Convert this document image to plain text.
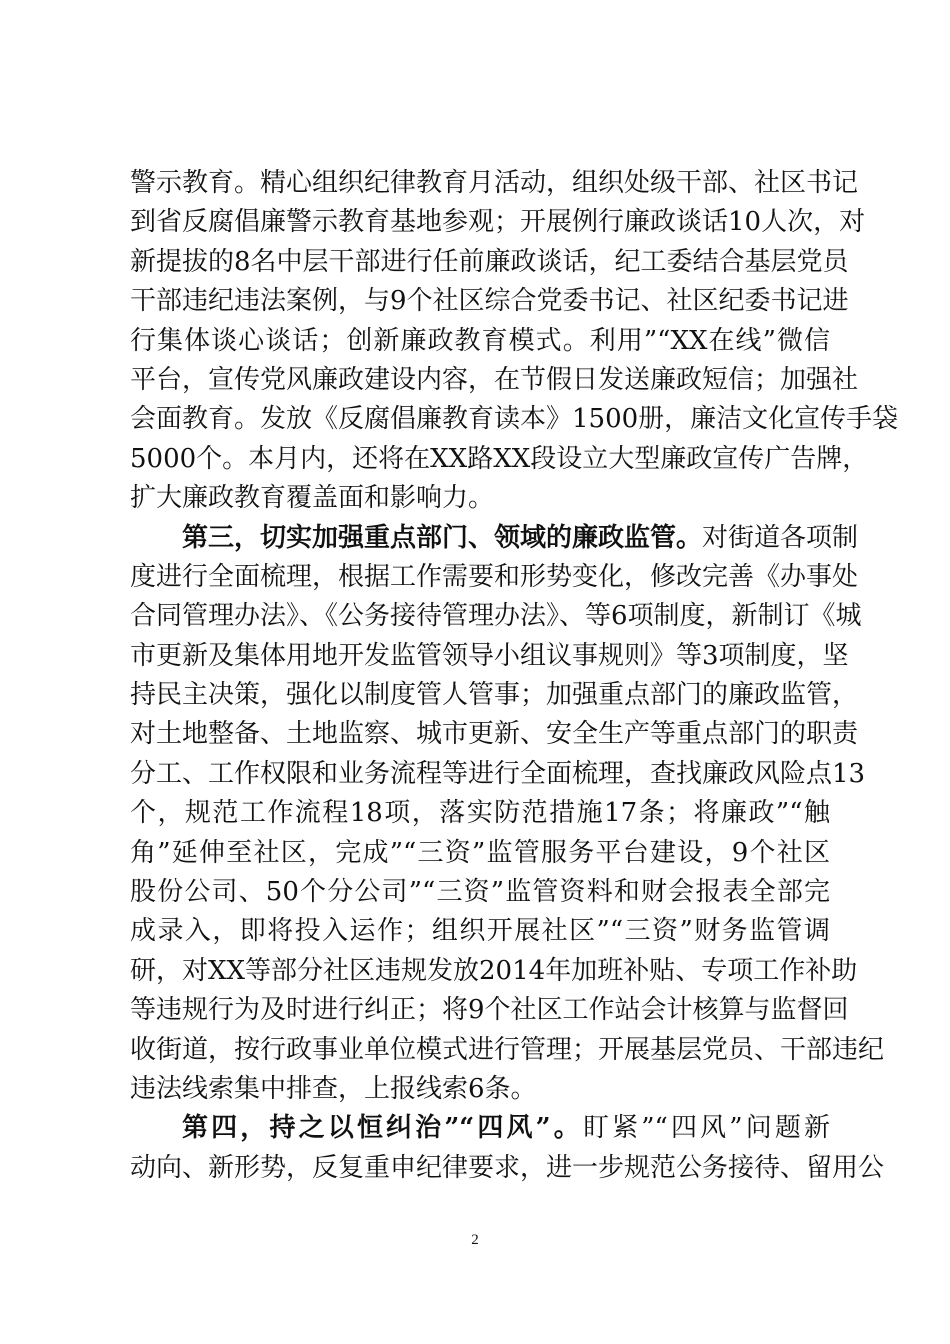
警示教育。精心组织纪律教育月活动，组织处级干部、社区书记
到省反腐倡廉警示教育基地参观；开展例行廉政谈话10人次，对
新提拔的8名中层干部进行任前廉政谈话，纪工委结合基层党员
干部违纪违法案例，与9个社区综合党委书记、社区纪委书记进
行集体谈心谈话；创新廉政教育模式。利用”“XX在线”微信
平台，宣传党风廉政建设内容，在节假日发送廉政短信；加强社
会面教育。发放《反腐倡廉教育读本》1500册，廉洁文化宣传手袋
5000个。本月内，还将在XX路XX段设立大型廉政宣传广告牌，
扩大廉政教育覆盖面和影响力。
第三，切实加强重点部门、领域的廉政监管。对街道各项制
度进行全面梳理，根据工作需要和形势变化，修改完善《办事处
合同管理办法》、《公务接待管理办法》、等6项制度，新制订《城
市更新及集体用地开发监管领导小组议事规则》等3项制度，坚
持民主决策，强化以制度管人管事；加强重点部门的廉政监管，
对土地整备、土地监察、城市更新、安全生产等重点部门的职责
分工、工作权限和业务流程等进行全面梳理，查找廉政风险点13
个，规范工作流程18项，落实防范措施17条；将廉政”“触
角”延伸至社区，完成”“三资”监管服务平台建设，9个社区
股份公司、50个分公司”“三资”监管资料和财会报表全部完
成录入，即将投入运作；组织开展社区”“三资”财务监管调
研，对XX等部分社区违规发放2014年加班补贴、专项工作补助
等违规行为及时进行纠正；将9个社区工作站会计核算与监督回
收街道，按行政事业单位模式进行管理；开展基层党员、干部违纪
违法线索集中排查，上报线索6条。
第四，持之以恒纠治”“四风”。盯紧”“四风”问题新
动向、新形势，反复重申纪律要求，进一步规范公务接待、留用公
2
